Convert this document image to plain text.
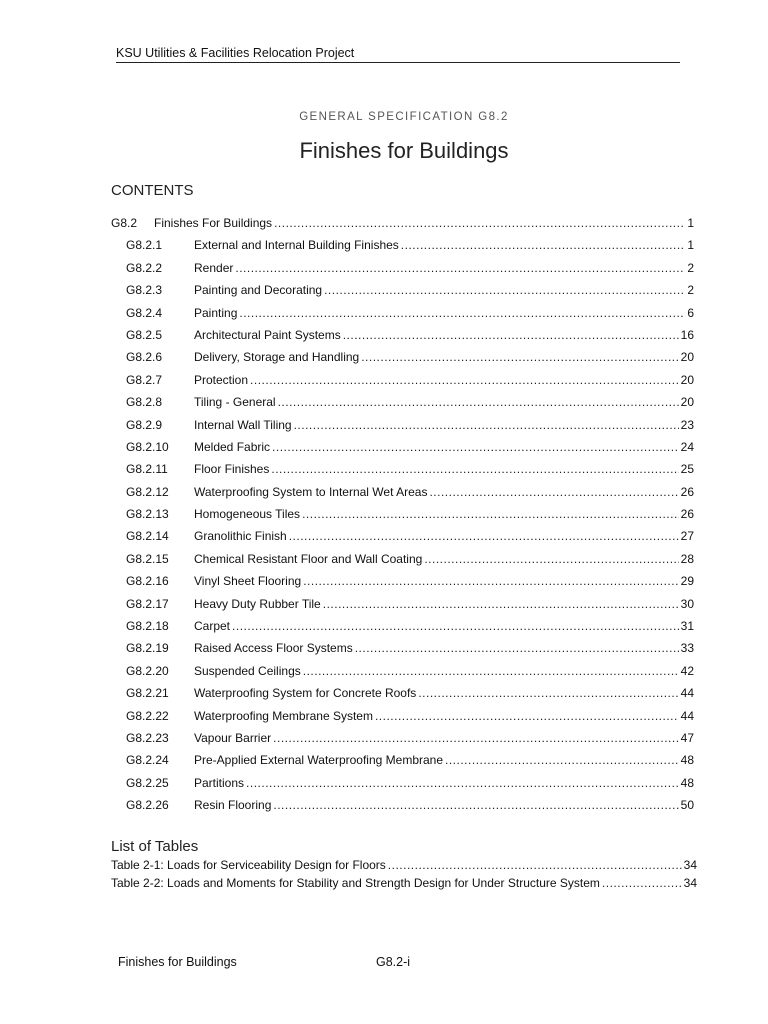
KSU Utilities & Facilities Relocation Project
GENERAL SPECIFICATION G8.2
Finishes for Buildings
CONTENTS
G8.2	Finishes For Buildings .....	1
G8.2.1	External and Internal Building Finishes .....	1
G8.2.2	Render .....	2
G8.2.3	Painting and Decorating .....	2
G8.2.4	Painting .....	6
G8.2.5	Architectural Paint Systems .....	16
G8.2.6	Delivery, Storage and Handling .....	20
G8.2.7	Protection .....	20
G8.2.8	Tiling - General .....	20
G8.2.9	Internal Wall Tiling .....	23
G8.2.10	Melded Fabric .....	24
G8.2.11	Floor Finishes .....	25
G8.2.12	Waterproofing System to Internal Wet Areas .....	26
G8.2.13	Homogeneous Tiles .....	26
G8.2.14	Granolithic Finish .....	27
G8.2.15	Chemical Resistant Floor and Wall Coating .....	28
G8.2.16	Vinyl Sheet Flooring .....	29
G8.2.17	Heavy Duty Rubber Tile .....	30
G8.2.18	Carpet .....	31
G8.2.19	Raised Access Floor Systems .....	33
G8.2.20	Suspended Ceilings .....	42
G8.2.21	Waterproofing System for Concrete Roofs .....	44
G8.2.22	Waterproofing Membrane System .....	44
G8.2.23	Vapour Barrier .....	47
G8.2.24	Pre-Applied External Waterproofing Membrane .....	48
G8.2.25	Partitions .....	48
G8.2.26	Resin Flooring .....	50
List of Tables
Table 2-1: Loads for Serviceability Design for Floors .....	34
Table 2-2: Loads and Moments for Stability and Strength Design for Under Structure System .....	34
Finishes for Buildings	G8.2-i
